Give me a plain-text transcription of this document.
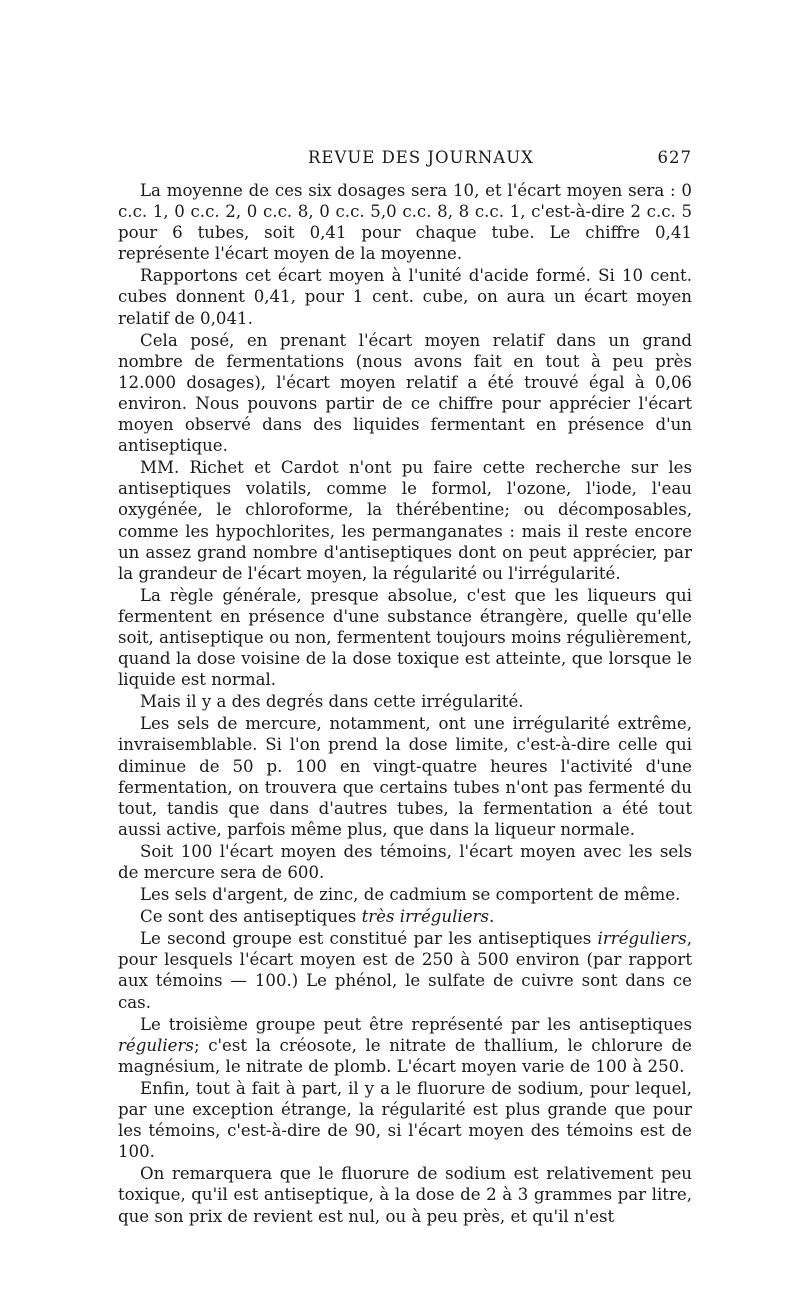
REVUE DES JOURNAUX	627

La moyenne de ces six dosages sera 10, et l'écart moyen sera : 0 c.c. 1, 0 c.c. 2, 0 c.c. 8, 0 c.c. 5,0 c.c. 8, 8 c.c. 1, c'est-à-dire 2 c.c. 5 pour 6 tubes, soit 0,41 pour chaque tube. Le chiffre 0,41 représente l'écart moyen de la moyenne.

Rapportons cet écart moyen à l'unité d'acide formé. Si 10 cent. cubes donnent 0,41, pour 1 cent. cube, on aura un écart moyen relatif de 0,041.

Cela posé, en prenant l'écart moyen relatif dans un grand nombre de fermentations (nous avons fait en tout à peu près 12.000 dosages), l'écart moyen relatif a été trouvé égal à 0,06 environ. Nous pouvons partir de ce chiffre pour apprécier l'écart moyen observé dans des liquides fermentant en présence d'un antiseptique.

MM. Richet et Cardot n'ont pu faire cette recherche sur les antiseptiques volatils, comme le formol, l'ozone, l'iode, l'eau oxygénée, le chloroforme, la thérébentine; ou décomposables, comme les hypochlorites, les permanganates : mais il reste encore un assez grand nombre d'antiseptiques dont on peut apprécier, par la grandeur de l'écart moyen, la régularité ou l'irrégularité.

La règle générale, presque absolue, c'est que les liqueurs qui fermentent en présence d'une substance étrangère, quelle qu'elle soit, antiseptique ou non, fermentent toujours moins régulièrement, quand la dose voisine de la dose toxique est atteinte, que lorsque le liquide est normal.

Mais il y a des degrés dans cette irrégularité.

Les sels de mercure, notamment, ont une irrégularité extrême, invraisemblable. Si l'on prend la dose limite, c'est-à-dire celle qui diminue de 50 p. 100 en vingt-quatre heures l'activité d'une fermentation, on trouvera que certains tubes n'ont pas fermenté du tout, tandis que dans d'autres tubes, la fermentation a été tout aussi active, parfois même plus, que dans la liqueur normale.

Soit 100 l'écart moyen des témoins, l'écart moyen avec les sels de mercure sera de 600.

Les sels d'argent, de zinc, de cadmium se comportent de même.

Ce sont des antiseptiques très irréguliers.

Le second groupe est constitué par les antiseptiques irréguliers, pour lesquels l'écart moyen est de 250 à 500 environ (par rapport aux témoins — 100.) Le phénol, le sulfate de cuivre sont dans ce cas.

Le troisième groupe peut être représenté par les antiseptiques réguliers; c'est la créosote, le nitrate de thallium, le chlorure de magnésium, le nitrate de plomb. L'écart moyen varie de 100 à 250.

Enfin, tout à fait à part, il y a le fluorure de sodium, pour lequel, par une exception étrange, la régularité est plus grande que pour les témoins, c'est-à-dire de 90, si l'écart moyen des témoins est de 100.

On remarquera que le fluorure de sodium est relativement peu toxique, qu'il est antiseptique, à la dose de 2 à 3 grammes par litre, que son prix de revient est nul, ou à peu près, et qu'il n'est
